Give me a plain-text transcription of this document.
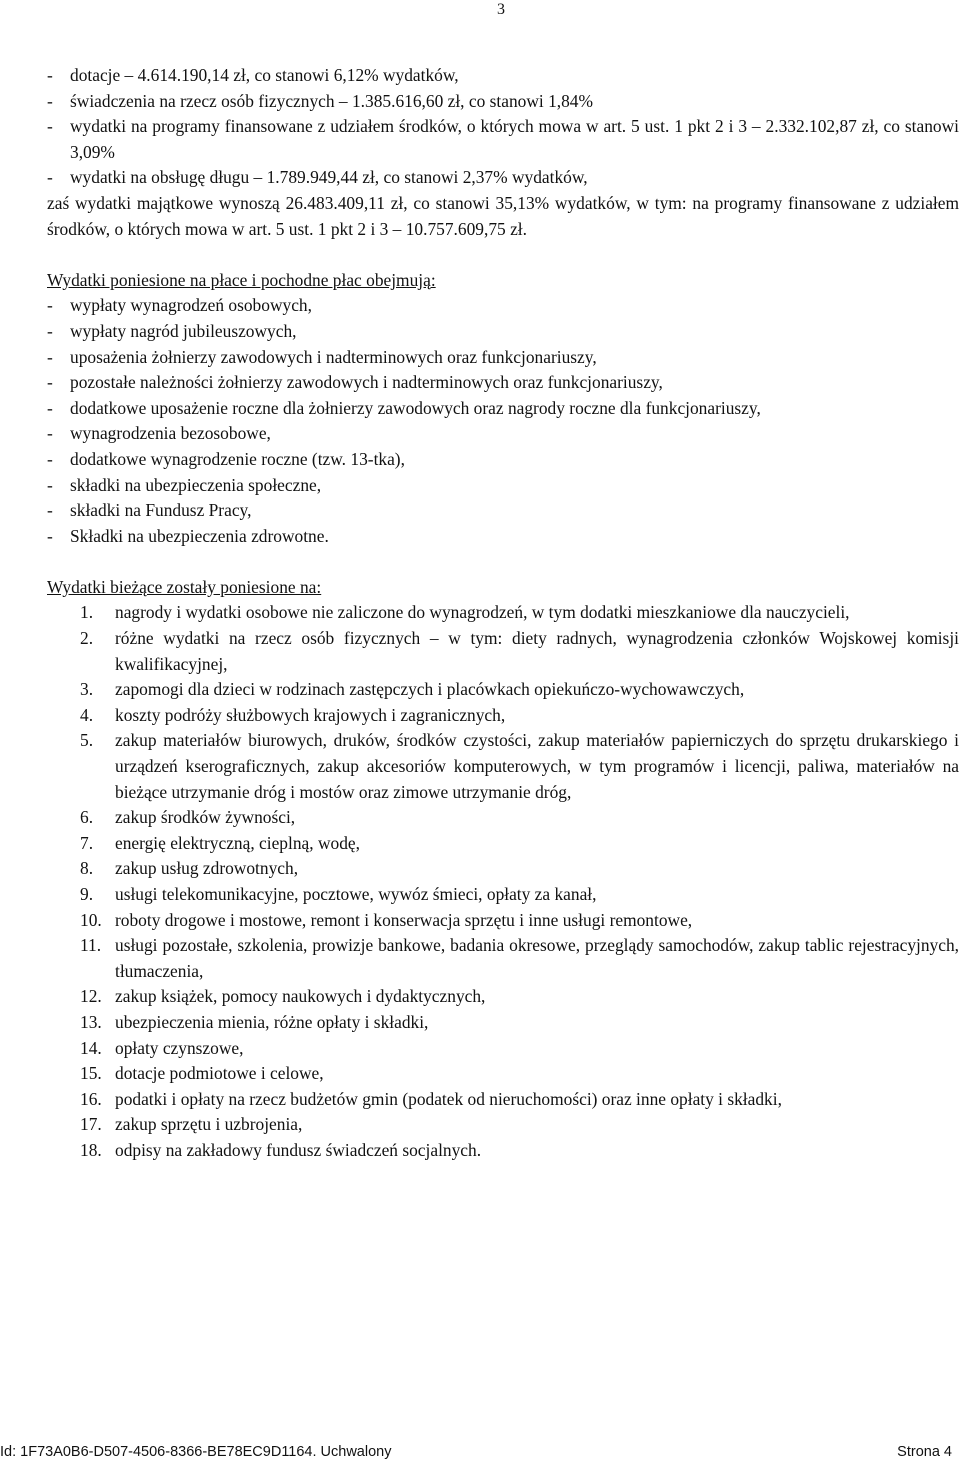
3
- dotacje – 4.614.190,14 zł, co stanowi 6,12% wydatków,
- świadczenia na rzecz osób fizycznych – 1.385.616,60 zł, co stanowi 1,84%
- wydatki na programy finansowane z udziałem środków, o których mowa w art. 5 ust. 1 pkt 2 i 3 – 2.332.102,87 zł, co stanowi 3,09%
- wydatki na obsługę długu – 1.789.949,44 zł, co stanowi 2,37% wydatków,
zaś wydatki majątkowe wynoszą 26.483.409,11 zł, co stanowi 35,13% wydatków, w tym: na programy finansowane z udziałem środków, o których mowa w art. 5 ust. 1 pkt 2 i 3 – 10.757.609,75 zł.

Wydatki poniesione na płace i pochodne płac obejmują:

- wypłaty wynagrodzeń osobowych,
- wypłaty nagród jubileuszowych,
- uposażenia żołnierzy zawodowych i nadterminowych oraz funkcjonariuszy,
- pozostałe należności żołnierzy zawodowych i nadterminowych oraz funkcjonariuszy,
- dodatkowe uposażenie roczne dla żołnierzy zawodowych oraz nagrody roczne dla funkcjonariuszy,
- wynagrodzenia bezosobowe,
- dodatkowe wynagrodzenie roczne (tzw. 13-tka),
- składki na ubezpieczenia społeczne,
- składki na Fundusz Pracy,
- Składki na ubezpieczenia zdrowotne.

Wydatki bieżące zostały poniesione na:

1. nagrody i wydatki osobowe nie zaliczone do wynagrodzeń, w tym dodatki mieszkaniowe dla nauczycieli,
2. różne wydatki na rzecz osób fizycznych – w tym: diety radnych, wynagrodzenia członków Wojskowej komisji kwalifikacyjnej,
3. zapomogi dla dzieci w rodzinach zastępczych i placówkach opiekuńczo-wychowawczych,
4. koszty podróży służbowych krajowych i zagranicznych,
5. zakup materiałów biurowych, druków, środków czystości, zakup materiałów papierniczych do sprzętu drukarskiego i urządzeń kserograficznych, zakup akcesoriów komputerowych, w tym programów i licencji, paliwa, materiałów na bieżące utrzymanie dróg i mostów oraz zimowe utrzymanie dróg,
6. zakup środków żywności,
7. energię elektryczną, cieplną, wodę,
8. zakup usług zdrowotnych,
9. usługi telekomunikacyjne, pocztowe, wywóz śmieci, opłaty za kanał,
10. roboty drogowe i mostowe, remont i konserwacja sprzętu i inne usługi remontowe,
11. usługi pozostałe, szkolenia, prowizje bankowe, badania okresowe, przeglądy samochodów, zakup tablic rejestracyjnych, tłumaczenia,
12. zakup książek, pomocy naukowych i dydaktycznych,
13. ubezpieczenia mienia, różne opłaty i składki,
14. opłaty czynszowe,
15. dotacje podmiotowe i celowe,
16. podatki i opłaty na rzecz budżetów gmin (podatek od nieruchomości) oraz inne opłaty i składki,
17. zakup sprzętu i uzbrojenia,
18. odpisy na zakładowy fundusz świadczeń socjalnych.
Id: 1F73A0B6-D507-4506-8366-BE78EC9D1164. Uchwalony	Strona 4
